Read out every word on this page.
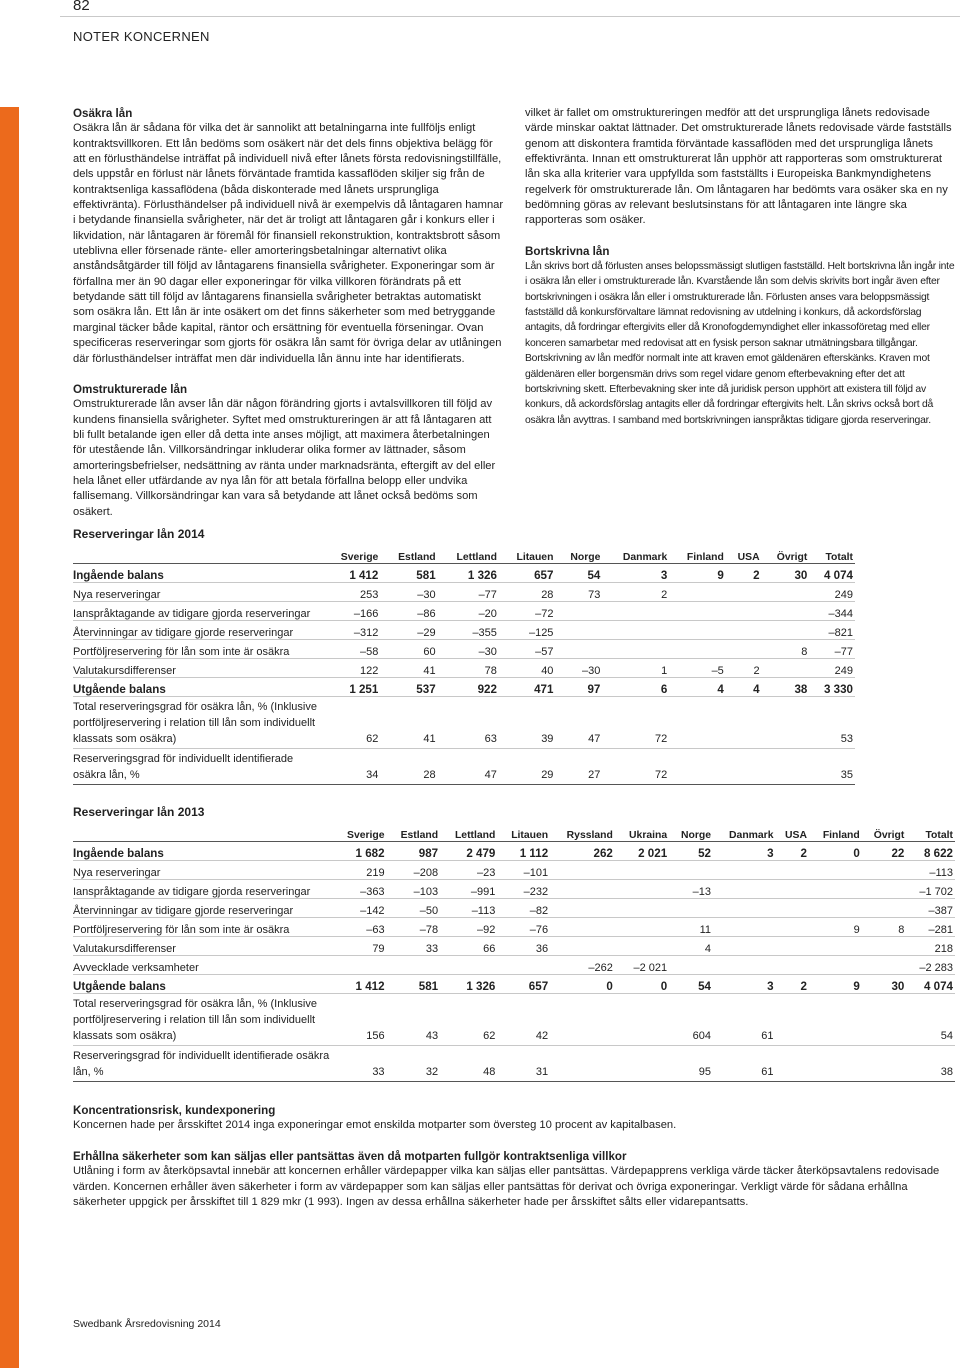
82
NOTER KONCERNEN
Osäkra lån

Osäkra lån är sådana för vilka det är sannolikt att betalningarna inte fullföljs enligt kontraktsvillkoren. Ett lån bedöms som osäkert när det dels finns objektiva belägg för att en förlusthändelse inträffat på individuell nivå efter lånets första redovisningstillfälle, dels uppstår en förlust när lånets förväntade framtida kassaflöden skiljer sig från de kontraktsenliga kassaflödena (båda diskonterade med lånets ursprungliga effektivränta). Förlusthändelser på individuell nivå är exempelvis då låntagaren hamnar i betydande finansiella svårigheter, när det är troligt att låntagaren går i konkurs eller i likvidation, när låntagaren är föremål för finansiell rekonstruktion, kontraktsbrott såsom uteblivna eller försenade ränte- eller amorteringsbetalningar alternativt olika anståndsåtgärder till följd av låntagarens finansiella svårigheter. Exponeringar som är förfallna mer än 90 dagar eller exponeringar för vilka villkoren förändrats på ett betydande sätt till följd av låntagarens finansiella svårigheter betraktas automatiskt som osäkra lån. Ett lån är inte osäkert om det finns säkerheter som med betryggande marginal täcker både kapital, räntor och ersättning för eventuella förseningar. Ovan specificeras reserveringar som gjorts för osäkra lån samt för övriga delar av utlåningen där förlusthändelser inträffat men där individuella lån ännu inte har identifierats.

Omstrukturerade lån

Omstrukturerade lån avser lån där någon förändring gjorts i avtalsvillkoren till följd av kundens finansiella svårigheter. Syftet med omstruktureringen är att få låntagaren att bli fullt betalande igen eller då detta inte anses möjligt, att maximera återbetalningen för utestående lån. Villkorsändringar inkluderar olika former av lättnader, såsom amorteringsbefrielser, nedsättning av ränta under marknadsränta, eftergift av del eller hela lånet eller utfärdande av nya lån för att betala förfallna belopp eller undvika fallisemang. Villkorsändringar kan vara så betydande att lånet också bedöms som osäkert.

vilket är fallet om omstruktureringen medför att det ursprungliga lånets redovisade värde minskar oaktat lättnader. Det omstrukturerade lånets redovisade värde fastställs genom att diskontera framtida förväntade kassaflöden med det ursprungliga lånets effektivränta. Innan ett omstrukturerat lån upphör att rapporteras som omstrukturerat lån ska alla kriterier vara uppfyllda som fastställts i Europeiska Bankmyndighetens regelverk för omstrukturerade lån. Om låntagaren har bedömts vara osäker ska en ny bedömning göras av relevant beslutsinstans för att låntagaren inte längre ska rapporteras som osäker.

Bortskrivna lån

Lån skrivs bort då förlusten anses belopssmässigt slutligen fastställd. Helt bortskrivna lån ingår inte i osäkra lån eller i omstrukturerade lån. Kvarstående lån som delvis skrivits bort ingår även efter bortskrivningen i osäkra lån eller i omstrukturerade lån. Förlusten anses vara beloppsmässigt fastställd då konkursförvaltare lämnat redovisning av utdelning i konkurs, då ackordsförslag antagits, då fordringar eftergivits eller då Kronofogdemyndighet eller inkassoföretag med eller konceren samarbetar med redovisat att en fysisk person saknar utmätningsbara tillgångar. Bortskrivning av lån medför normalt inte att kraven emot gäldenären efterskänks. Kraven mot gäldenären eller borgensmän drivs som regel vidare genom efterbevakning efter det att bortskrivning skett. Efterbevakning sker inte då juridisk person upphört att existera till följd av konkurs, då ackordsförslag antagits eller då fordringar eftergivits helt. Lån skrivs också bort då osäkra lån avyttras. I samband med bortskrivningen ianspråktas tidigare gjorda reserveringar.

Reserveringar lån 2014
	Sverige	Estland	Lettland	Litauen	Norge	Danmark	Finland	USA	Övrigt	Totalt
Ingående balans	1 412	581	1 326	657	54	3	9	2	30	4 074
Nya reserveringar	253	–30	–77	28	73	2				249
Ianspråktagande av tidigare gjorda reserveringar	–166	–86	–20	–72						–344
Återvinningar av tidigare gjorde reserveringar	–312	–29	–355	–125						–821
Portföljreservering för lån som inte är osäkra	–58	60	–30	–57					8	–77
Valutakursdifferenser	122	41	78	40	–30	1	–5	2		249
Utgående balans	1 251	537	922	471	97	6	4	4	38	3 330
Total reserveringsgrad för osäkra lån, % (Inklusive portföljreservering i relation till lån som individuellt klassats som osäkra)	62	41	63	39	47	72				53
Reserveringsgrad för individuellt identifierade osäkra lån, %	34	28	47	29	27	72				35
Reserveringar lån 2013
	Sverige	Estland	Lettland	Litauen	Ryssland	Ukraina	Norge	Danmark	USA	Finland	Övrigt	Totalt
Ingående balans	1 682	987	2 479	1 112	262	2 021	52	3	2	0	22	8 622
Nya reserveringar	219	–208	–23	–101								–113
Ianspråktagande av tidigare gjorda reserveringar	–363	–103	–991	–232			–13					–1 702
Återvinningar av tidigare gjorde reserveringar	–142	–50	–113	–82								–387
Portföljreservering för lån som inte är osäkra	–63	–78	–92	–76			11			9	8	–281
Valutakursdifferenser	79	33	66	36			4					218
Avvecklade verksamheter					–262	–2 021						–2 283
Utgående balans	1 412	581	1 326	657	0	0	54	3	2	9	30	4 074
Total reserveringsgrad för osäkra lån, % (Inklusive portföljreservering i relation till lån som individuellt klassats som osäkra)	156	43	62	42			604	61				54
Reserveringsgrad för individuellt identifierade osäkra lån, %	33	32	48	31			95	61				38
Koncentrationsrisk, kundexponering

Koncernen hade per årsskiftet 2014 inga exponeringar emot enskilda motparter som översteg 10 procent av kapitalbasen.

Erhållna säkerheter som kan säljas eller pantsättas även då motparten fullgör kontraktsenliga villkor

Utlåning i form av återköpsavtal innebär att koncernen erhåller värdepapper vilka kan säljas eller pantsättas. Värdepapprens verkliga värde täcker återköpsavtalens redovisade värden. Koncernen erhåller även säkerheter i form av värdepapper som kan säljas eller pantsättas för derivat och övriga exponeringar. Verkligt värde för sådana erhållna säkerheter uppgick per årsskiftet till 1 829 mkr (1 993). Ingen av dessa erhållna säkerheter hade per årsskiftet sålts eller vidarepantsatts.

Swedbank Årsredovisning 2014
